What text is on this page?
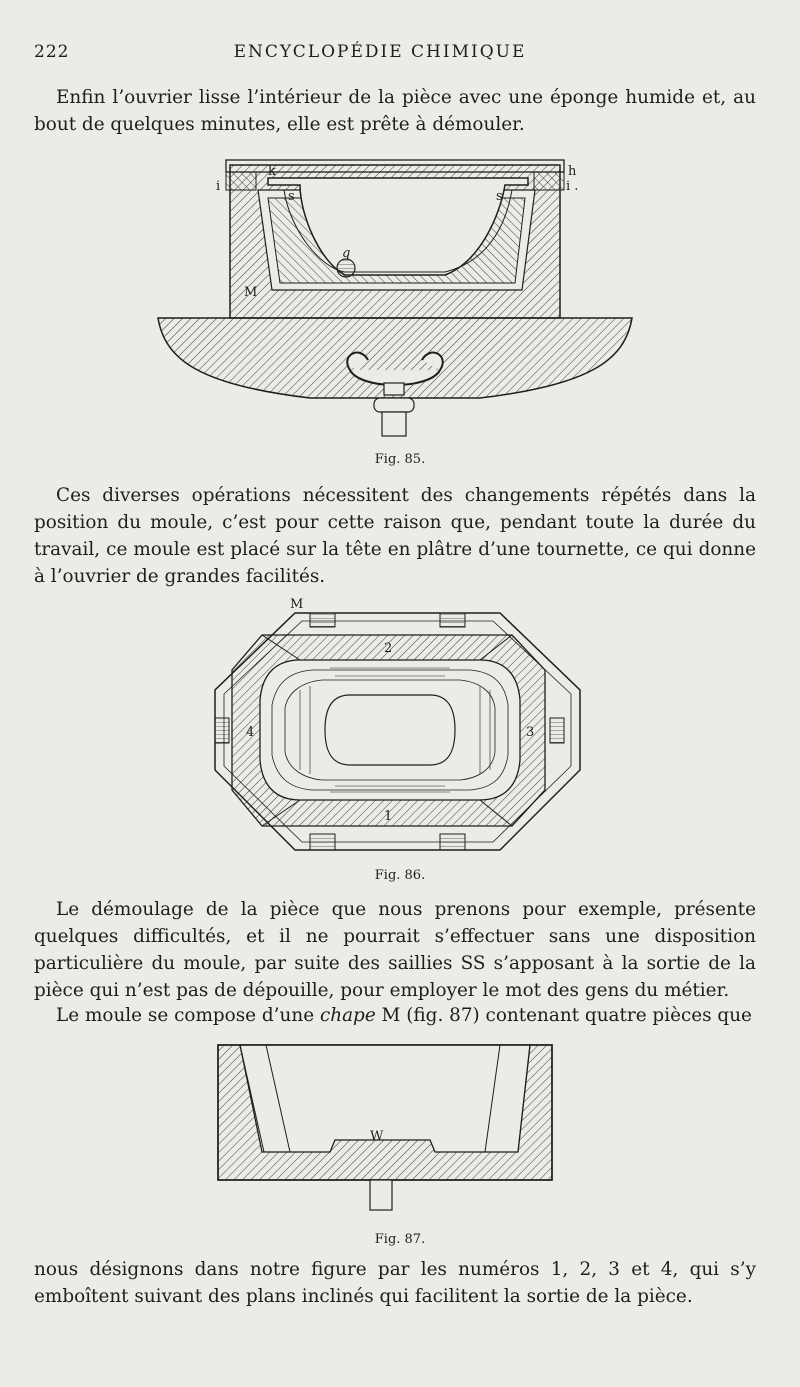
222	ENCYCLOPÉDIE CHIMIQUE

Enfin l’ouvrier lisse l’intérieur de la pièce avec une éponge humide et, au bout de quelques minutes, elle est prête à démouler.

k	h
i	i .
s	s
q
M
Fig. 85.

Ces diverses opérations nécessitent des changements répétés dans la position du moule, c’est pour cette raison que, pendant toute la durée du travail, ce moule est placé sur la tête en plâtre d’une tournette, ce qui donne à l’ouvrier de grandes facilités.

M
2
1
3
4
Fig. 86.

Le démoulage de la pièce que nous prenons pour exemple, présente quelques difficultés, et il ne pourrait s’effectuer sans une disposition particulière du moule, par suite des saillies SS s’apposant à la sortie de la pièce qui n’est pas de dépouille, pour employer le mot des gens du métier.

Le moule se compose d’une chape M (fig. 87) contenant quatre pièces que

W
Fig. 87.

nous désignons dans notre figure par les numéros 1, 2, 3 et 4, qui s’y emboîtent suivant des plans inclinés qui facilitent la sortie de la pièce.
